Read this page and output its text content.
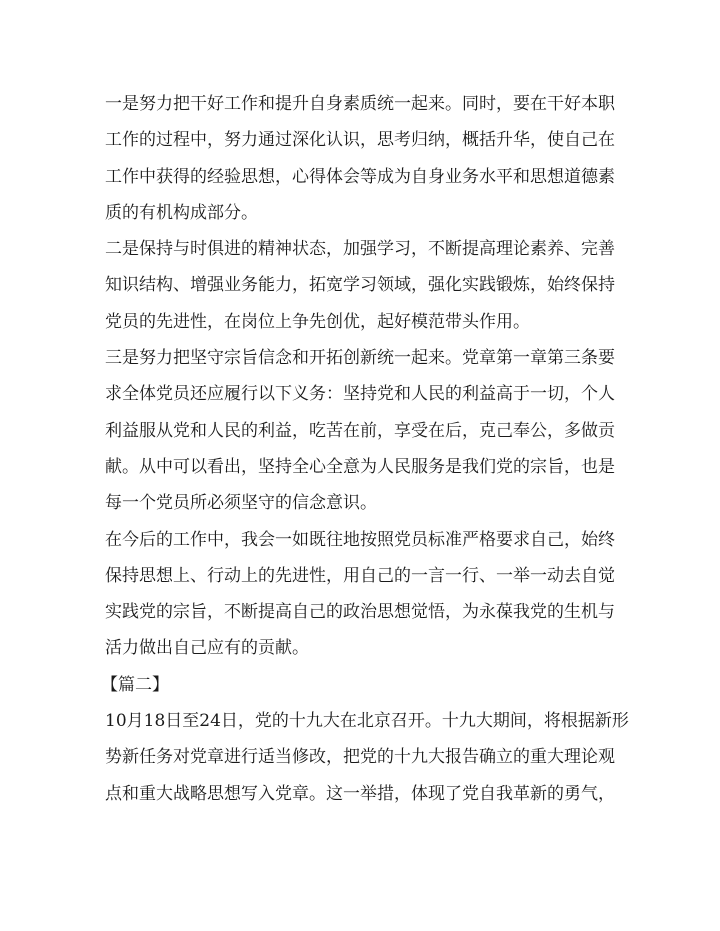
一是努力把干好工作和提升自身素质统一起来。同时，要在干好本职
工作的过程中，努力通过深化认识，思考归纳，概括升华，使自己在
工作中获得的经验思想，心得体会等成为自身业务水平和思想道德素
质的有机构成部分。
二是保持与时俱进的精神状态，加强学习，不断提高理论素养、完善
知识结构、增强业务能力，拓宽学习领域，强化实践锻炼，始终保持
党员的先进性，在岗位上争先创优，起好模范带头作用。
三是努力把坚守宗旨信念和开拓创新统一起来。党章第一章第三条要
求全体党员还应履行以下义务：坚持党和人民的利益高于一切，个人
利益服从党和人民的利益，吃苦在前，享受在后，克己奉公，多做贡
献。从中可以看出，坚持全心全意为人民服务是我们党的宗旨，也是
每一个党员所必须坚守的信念意识。
在今后的工作中，我会一如既往地按照党员标准严格要求自己，始终
保持思想上、行动上的先进性，用自己的一言一行、一举一动去自觉
实践党的宗旨，不断提高自己的政治思想觉悟，为永葆我党的生机与
活力做出自己应有的贡献。
【篇二】
10月18日至24日，党的十九大在北京召开。十九大期间，将根据新形
势新任务对党章进行适当修改，把党的十九大报告确立的重大理论观
点和重大战略思想写入党章。这一举措，体现了党自我革新的勇气，
